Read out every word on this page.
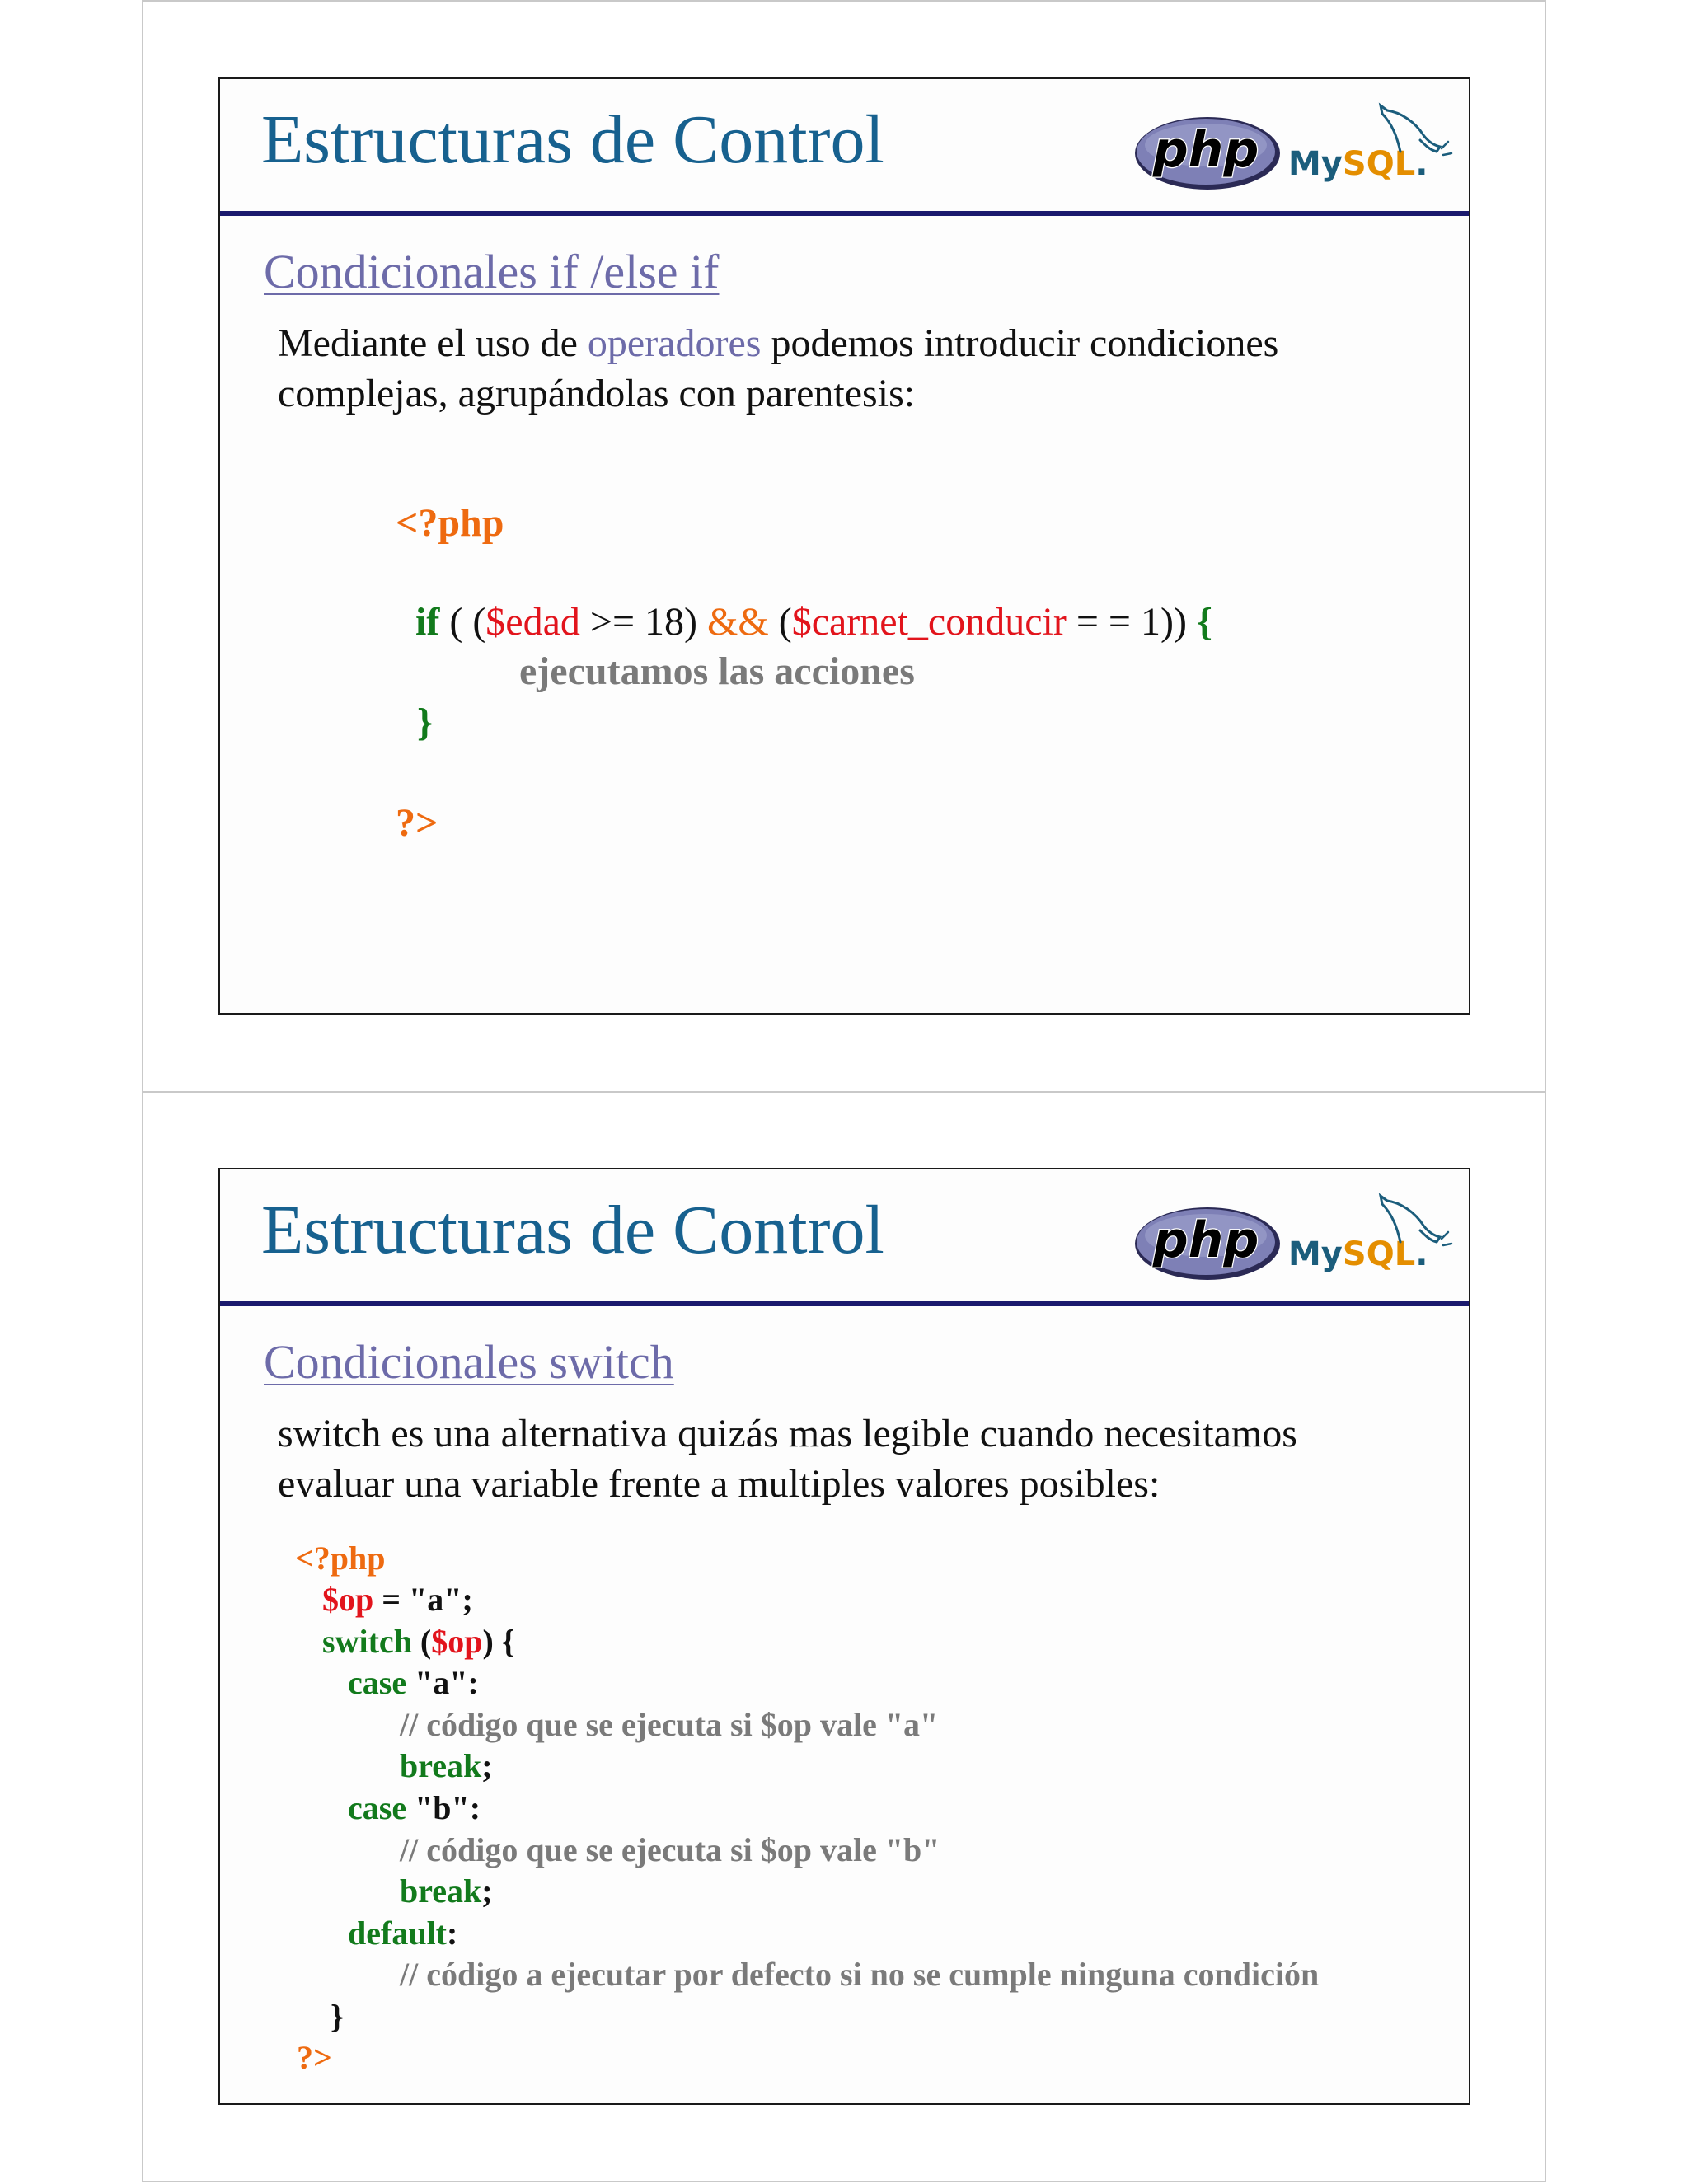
Estructuras de Control	php MySQL.
Condicionales if /else if
Mediante el uso de operadores podemos introducir condiciones
complejas, agrupándolas con parentesis:
<?php
if ( ($edad >= 18) && ($carnet_conducir = = 1)) {
ejecutamos las acciones
}
?>
Estructuras de Control	php MySQL.
Condicionales switch
switch es una alternativa quizás mas legible cuando necesitamos
evaluar una variable frente a multiples valores posibles:
<?php
$op = "a";
switch ($op) {
case "a":
// código que se ejecuta si $op vale "a"
break;
case "b":
// código que se ejecuta si $op vale "b"
break;
default:
// código a ejecutar por defecto si no se cumple ninguna condición
}
?>
